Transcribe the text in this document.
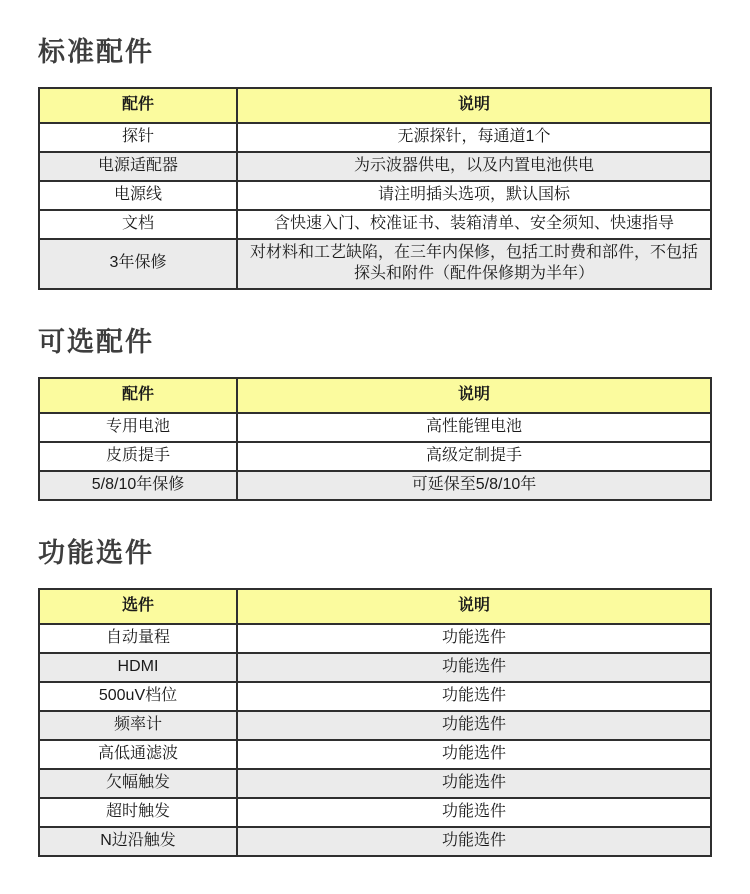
标准配件
配件	说明
探针	无源探针，每通道1个
电源适配器	为示波器供电，以及内置电池供电
电源线	请注明插头选项，默认国标
文档	含快速入门、校准证书、装箱清单、安全须知、快速指导
3年保修	对材料和工艺缺陷，在三年内保修，包括工时费和部件，不包括探头和附件（配件保修期为半年）
可选配件
配件	说明
专用电池	高性能锂电池
皮质提手	高级定制提手
5/8/10年保修	可延保至5/8/10年
功能选件
选件	说明
自动量程	功能选件
HDMI	功能选件
500uV档位	功能选件
频率计	功能选件
高低通滤波	功能选件
欠幅触发	功能选件
超时触发	功能选件
N边沿触发	功能选件
